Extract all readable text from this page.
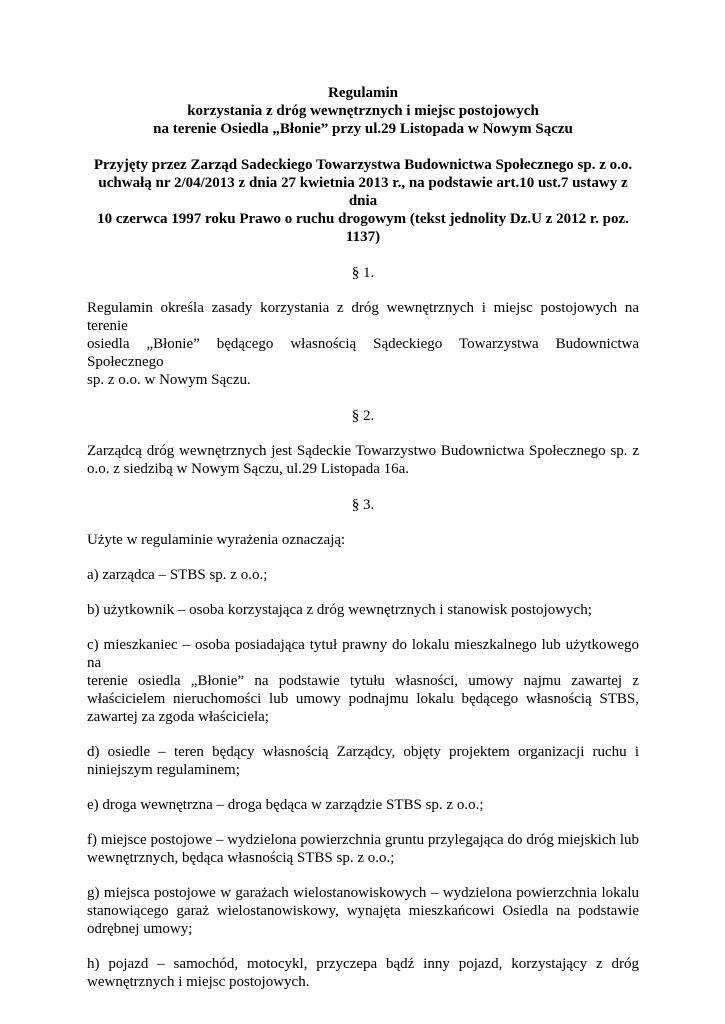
Regulamin
korzystania z dróg wewnętrznych i miejsc postojowych
na terenie Osiedla „Błonie” przy ul.29 Listopada w Nowym Sączu
Przyjęty przez Zarząd Sadeckiego Towarzystwa Budownictwa Społecznego sp. z o.o.
uchwałą nr 2/04/2013 z dnia 27 kwietnia 2013 r., na podstawie art.10 ust.7 ustawy z dnia
10 czerwca 1997 roku Prawo o ruchu drogowym (tekst jednolity Dz.U z 2012 r. poz.
1137)
§ 1.
Regulamin określa zasady korzystania z dróg wewnętrznych i miejsc postojowych na terenie
osiedla „Błonie” będącego własnością Sądeckiego Towarzystwa Budownictwa Społecznego
sp. z o.o. w Nowym Sączu.
§ 2.
Zarządcą dróg wewnętrznych jest Sądeckie Towarzystwo Budownictwa Społecznego sp. z
o.o. z siedzibą w Nowym Sączu, ul.29 Listopada 16a.
§ 3.
Użyte w regulaminie wyrażenia oznaczają:
a) zarządca – STBS sp. z o.o.;
b) użytkownik – osoba korzystająca z dróg wewnętrznych i stanowisk postojowych;
c) mieszkaniec – osoba posiadająca tytuł prawny do lokalu mieszkalnego lub użytkowego na
terenie osiedla „Błonie” na podstawie tytułu własności, umowy najmu zawartej z
właścicielem nieruchomości lub umowy podnajmu lokalu będącego własnością STBS,
zawartej za zgoda właściciela;
d) osiedle – teren będący własnością Zarządcy, objęty projektem organizacji ruchu i
niniejszym regulaminem;
e) droga wewnętrzna – droga będąca w zarządzie STBS sp. z o.o.;
f) miejsce postojowe – wydzielona powierzchnia gruntu przylegająca do dróg miejskich lub
wewnętrznych, będąca własnością STBS sp. z o.o.;
g) miejsca postojowe w garażach wielostanowiskowych – wydzielona powierzchnia lokalu
stanowiącego garaż wielostanowiskowy, wynajęta mieszkańcowi Osiedla na podstawie
odrębnej umowy;
h) pojazd – samochód, motocykl, przyczepa bądź inny pojazd, korzystający z dróg
wewnętrznych i miejsc postojowych.
